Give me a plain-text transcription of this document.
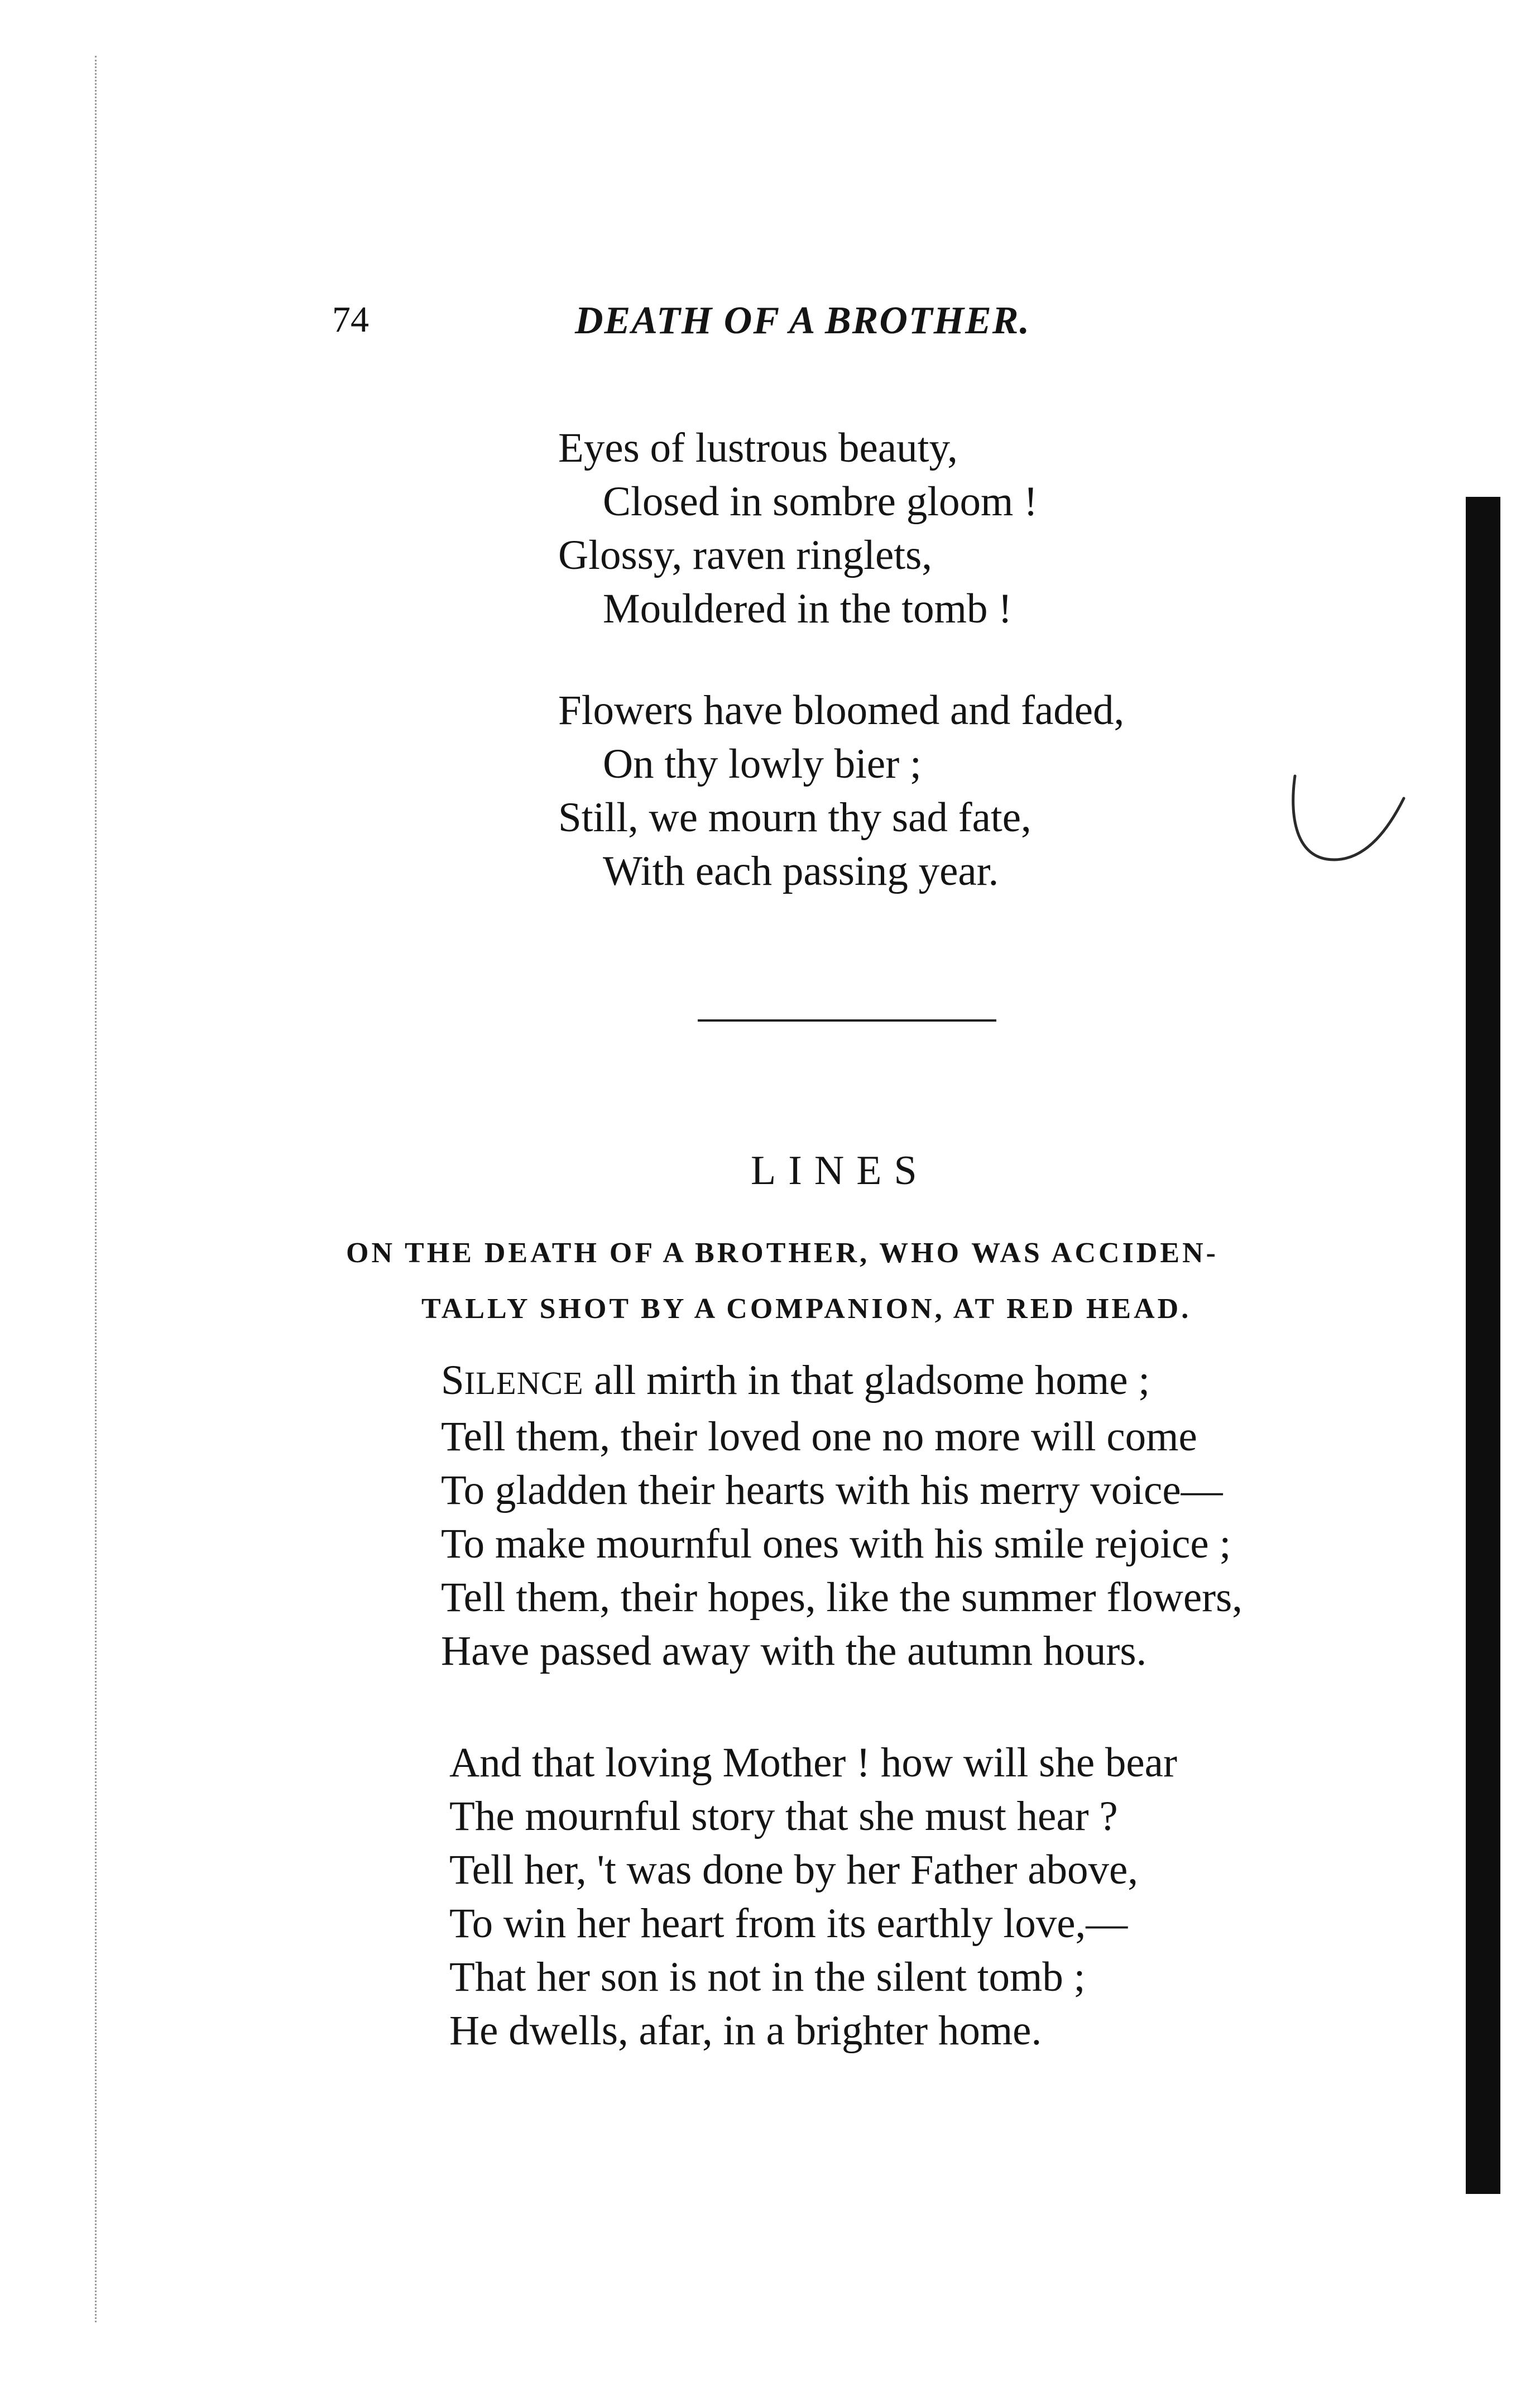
74	DEATH OF A BROTHER.
Eyes of lustrous beauty,
Closed in sombre gloom !
Glossy, raven ringlets,
Mouldered in the tomb !
Flowers have bloomed and faded,
On thy lowly bier ;
Still, we mourn thy sad fate,
With each passing year.
LINES
ON THE DEATH OF A BROTHER, WHO WAS ACCIDEN-
TALLY SHOT BY A COMPANION, AT RED HEAD.
SILENCE all mirth in that gladsome home ;
Tell them, their loved one no more will come
To gladden their hearts with his merry voice—
To make mournful ones with his smile rejoice ;
Tell them, their hopes, like the summer flowers,
Have passed away with the autumn hours.
And that loving Mother ! how will she bear
The mournful story that she must hear ?
Tell her, 't was done by her Father above,
To win her heart from its earthly love,—
That her son is not in the silent tomb ;
He dwells, afar, in a brighter home.
